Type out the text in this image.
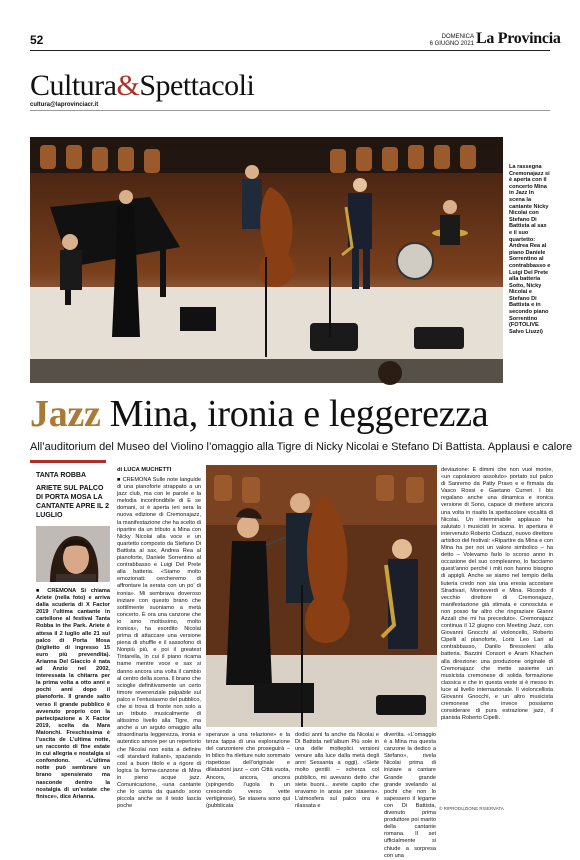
52	DOMENICA
6 GIUGNO 2021 La Provincia
Cultura&Spettacoli
cultura@laprovinciacr.it
La rassegna Cremonajazz si è aperta con il concerto Mina in Jazz In scena la cantante Nicky Nicolai con Stefano Di Battista al sax e il suo quartetto: Andrea Rea al piano Daniele Sorrentino al contrabbasso e Luigi Del Prete alla batteria Sotto, Nicky Nicolai e Stefano Di Battista e in secondo piano Sorrentino (FOTOLIVE Salvo Liuzzi)
Jazz Mina, ironia e leggerezza
All’auditorium del Museo del Violino l’omaggio alla Tigre di Nicky Nicolai e Stefano Di Battista. Applausi e calore
TANTA ROBBA
ARIETE SUL PALCO DI PORTA MOSA LA CANTANTE APRE IL 2 LUGLIO
■ CREMONA Si chiama Ariete (nella foto) e arriva dalla scuderia di X Factor 2019 l’ultima cantante in cartellone al festival Tanta Robba in the Park. Ariete è attesa il 2 luglio alle 21 sul palco di Porta Mosa (biglietto di ingresso 15 euro più prevendita). Arianna Del Giaccio è nata ad Anzio nel 2002, interessata la chitarra per la prima volta a otto anni e pochi anni dopo il pianoforte. Il grande salto verso il grande pubblico è avvenuto proprio con la partecipazione a X Factor 2019, scelta da Mara Maionchi. Freschissima è l’uscita de L’ultima notte, un racconto di fine estate in cui allegria e nostalgia si confondono. «L’ultima notte può sembrare un brano spensierato ma nasconde dentro la nostalgia di un’estate che finisce», dice Arianna.
di LUCA MUCHETTI
■ CREMONA Sulle note languide di una pianoforte strappato a un jazz club, ma con le parole e la melodia inconfondibile di E se domani, si è aperta ieri sera la nuova edizione di Cremonajazz, la manifestazione che ha scelto di ripartire da un tributo a Mina con Nicky Nicolai alla voce e un quartetto composto da Stefano Di Battista al sax, Andrea Rea al pianoforte, Daniele Sorrentino al contrabbasso e Luigi Del Prete alla batteria. «Siamo molto emozionati: cercheremo di affrontare la serata con un po’ di ironia». Mi sembrava doveroso iniziare con questo brano che sottilmente suoniamo a metà concerto. È ora una canzone che io amo moltissimo, molto ironica», ha esordito Nicolai prima di attaccare una versione piena di shuffle e il sassofono di Nonpiù più, e poi il greatest Tintarella, in cui il piano ricama trame mentre voce e sax si danno ancora una volta il cambio al centro della scena. Il brano che scioglie definitivamente un certo timore reverenziale palpabile sul palco e l’entusiasmo del pubblico, che si trova di fronte non solo a un tributo musicalmente di altissimo livello alla Tigre, ma anche a un arguto omaggio alla straordinaria leggerezza, ironia e autentico amore per un repertorio che Nicolai non esita a definire «di standard italiani», spaziando così a buon titolo e a rigore di logica la forma-canzone di Mina in pieno acque jazz. Comunicazione, «una cantante che lo canta da quando sono piccola anche se il testo lascia poche
speranze a una relazione» e la terza tappa di una esplorazione del canzoniere che proseguirà – in bilico fra riletture nuto sommato rispettose dell’originale e dilatazioni jazz – con Città vuota, Ancora, ancora, ancora (spingendo l’ugola in un crescendo verso vette vertiginose), Se stasera sono qui (pubblicata
dodici anni fa anche da Nicolai e Di Battista nell’album Più sole in una delle molteplici versioni venure alla luce dalla metà degli anni Sessanta a oggi). «Siete molto gentili – scherza col pubblico, mi avevano detto che siete buoni... avrete capito che eravamo in ansia per stasera». L’atmosfera sul palco ora è rilassata e
divertita. «L’omaggio è a Mina ma questa canzone la dedico a Stefano», rivela Nicolai prima di iniziare a cantare Grande grande grande svelando ai pochi che non lo sapessero il legame con Di Battista, divenuto prima produttore poi marito della cantante romana. Il set ufficialmente si chiude a sorpresa con una
deviazione: E dimmi che non vuoi morire, «un capolavoro assoluto» portato sul palco di Sanremo da Patty Pravo e e firmata da Vasco Rossi e Gaetano Curreri. I bis regalano anche una dinamica e ironica versione di Sono, capace di mettere ancora una volta in risalto la spettacolare vocalità di Nicolai. Un interminabile applauso ha salutato i musicisti in scena. In apertura è intervenuto Roberto Codazzi, nuovo direttore artistico del festival: «Ripartire da Mina e con Mina ha per noi un valore simbolico – ha detto – Volevamo farlo lo scorso anno in occasione del suo compleanno, lo facciamo quest’anno perché i miti non hanno bisogno di appigli. Anche se siamo nel tempio della liuteria credo non sia una eresia accostare Stradivari, Monteverdi e Mina. Ricordo il vecchio direttore di Cremonajazz, manifestazione già stimata e conosciuta e non posso far altro che ringraziare Gianni Azzali che mi ha preceduto». Cremonajazz continua il 12 giugno con Meeting Jazz, con Giovanni Gnocchi al violoncello, Roberto Cipelli al pianoforte, Loris Leo Lari al contrabbasso, Danilo Bressoleni alla batteria. Bazzini Consort e Aram Khachen alla direzione: una produzione originale di Cremonajazz che mette assieme un musicista cremonese di solida formazione classica e che in questa veste si è messo in luce al livello internazionale. Il violoncellista Giovanni Gnocchi, e un altro musicista cremonese che invece possiamo considerare di pura estrazione jazz, il pianista Roberto Cipelli.
© RIPRODUZIONE RISERVATA
